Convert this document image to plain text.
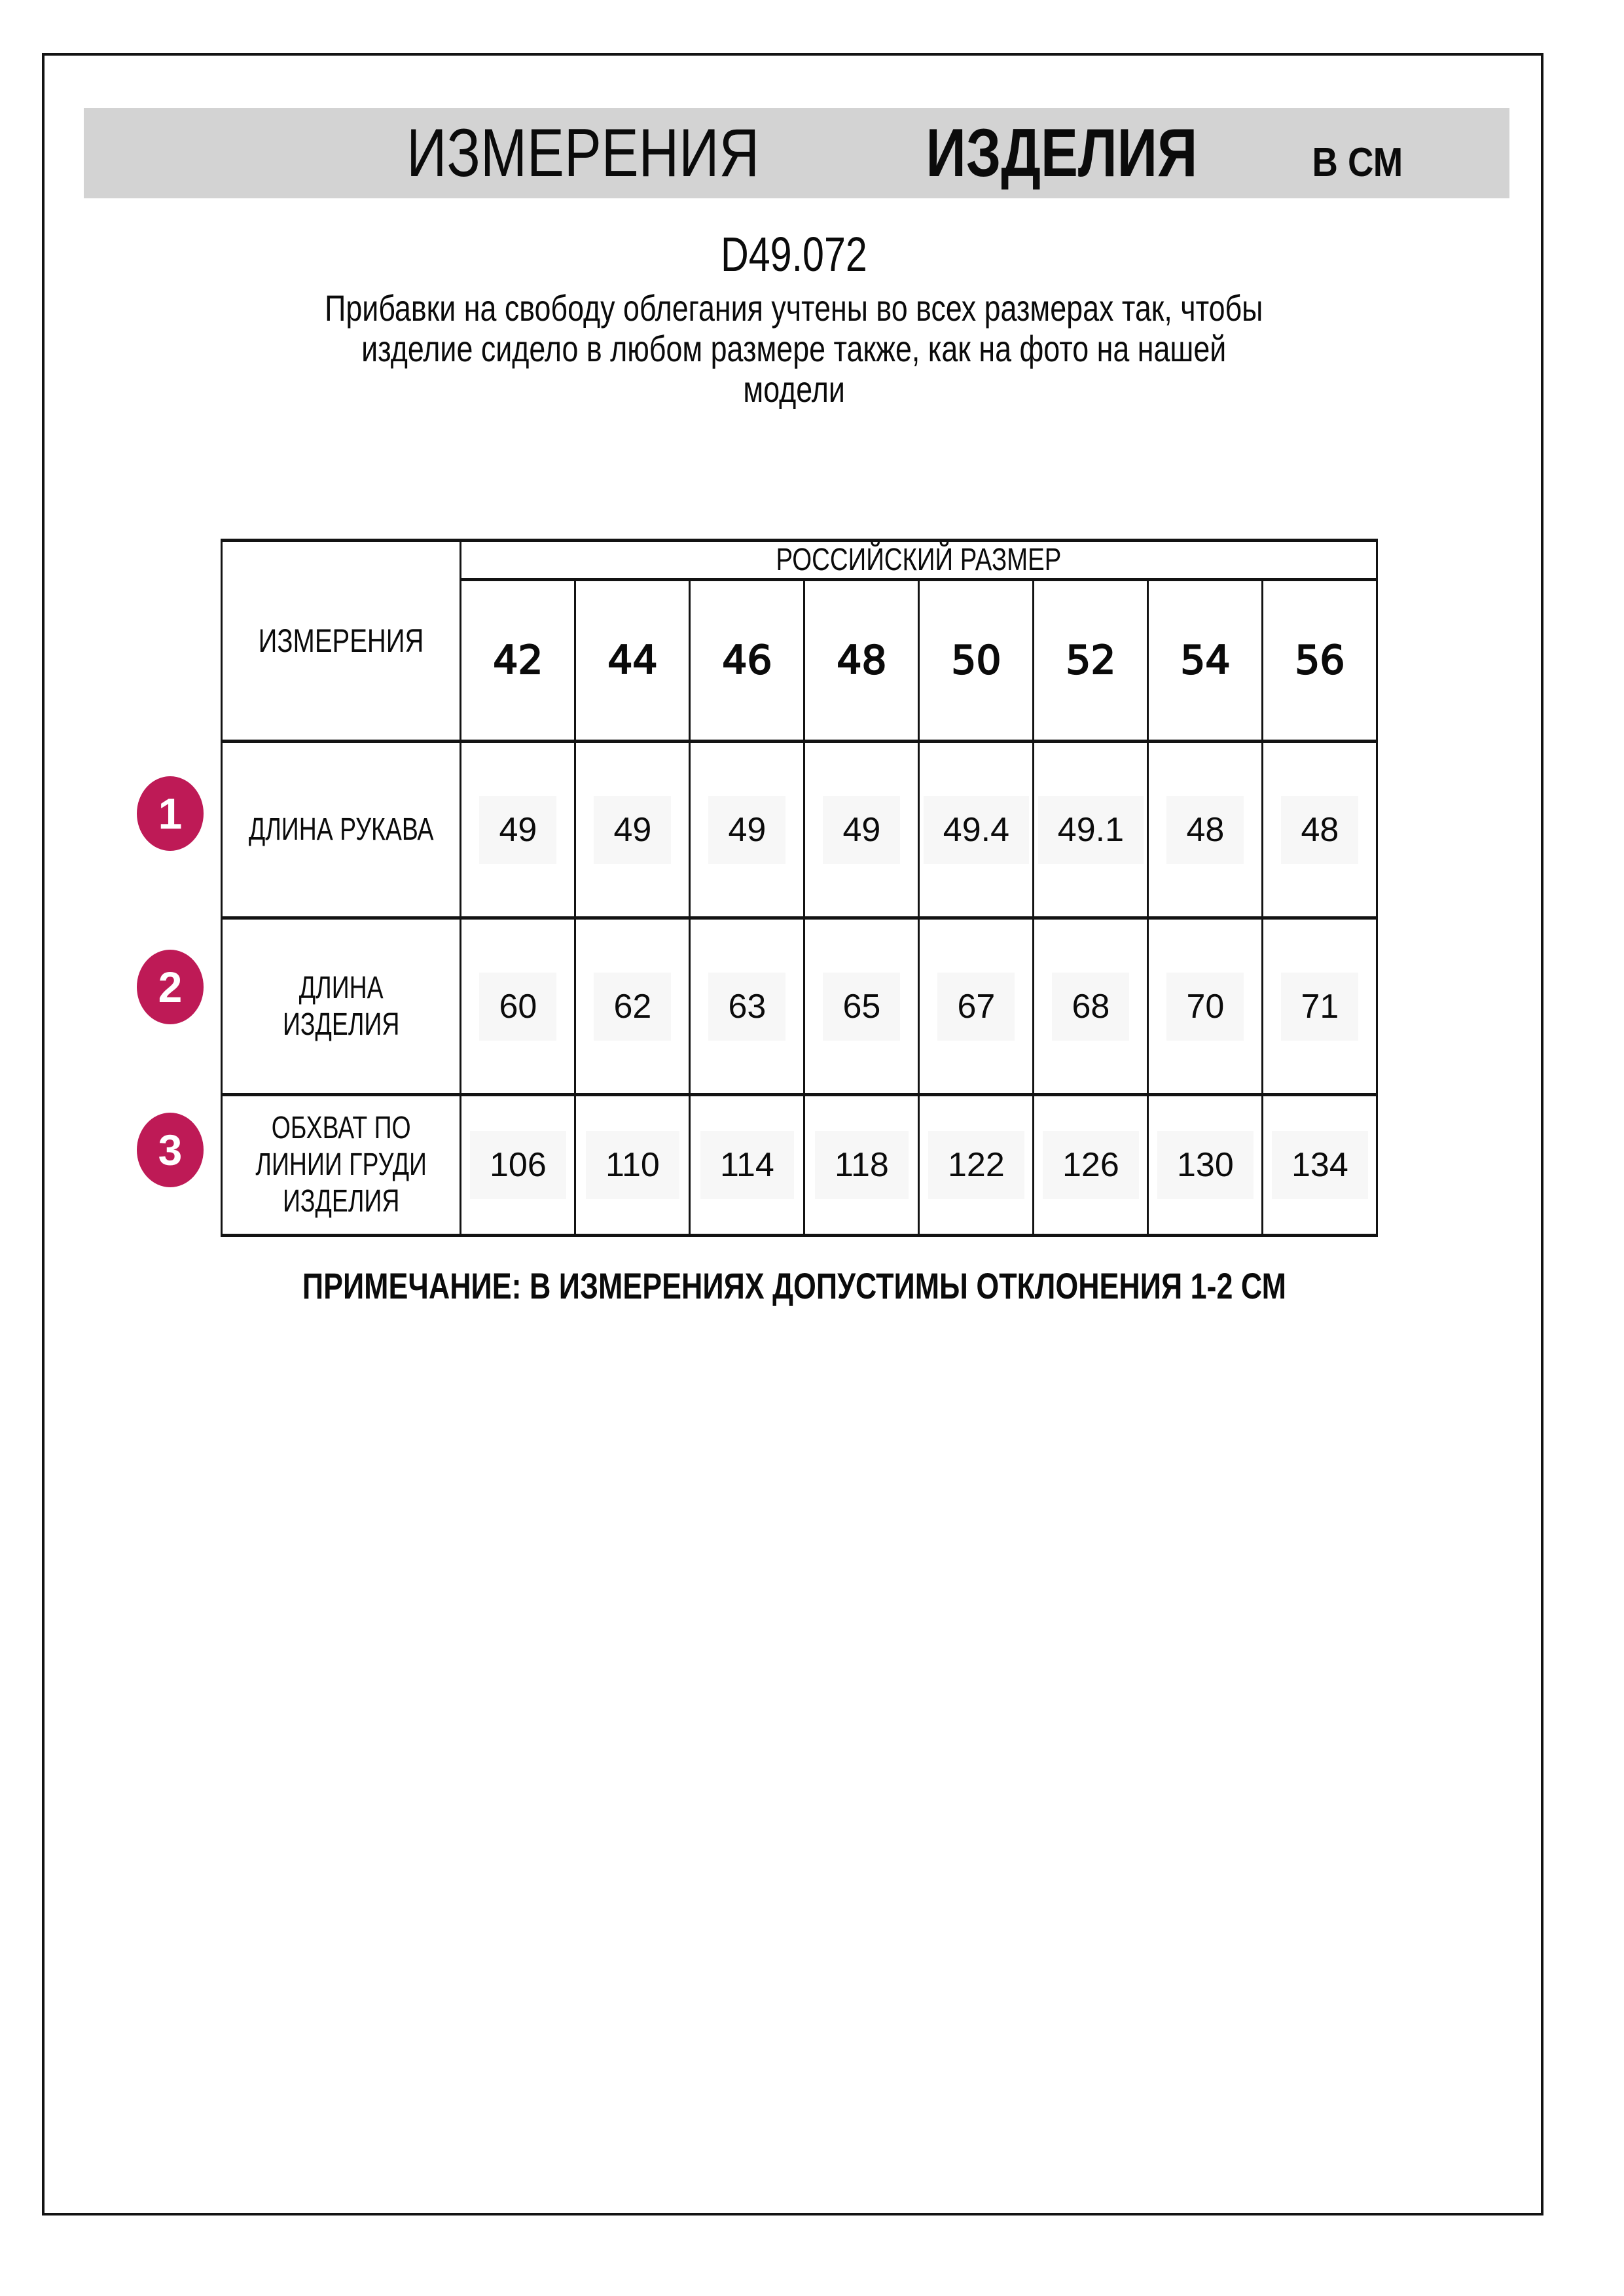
ИЗМЕРЕНИЯ ИЗДЕЛИЯ	В СМ
D49.072
Прибавки на свободу облегания учтены во всех размерах так, чтобы
изделие сидело в любом размере также, как на фото на нашей
модели
ИЗМЕРЕНИЯ	РОССИЙСКИЙ РАЗМЕР							
	42	44	46	48	50	52	54	56

ДЛИНА РУКАВА	49	49	49	49	49.4	49.1	48	48

ДЛИНА
ИЗДЕЛИЯ	60	62	63	65	67	68	70	71

ОБХВАТ ПО
ЛИНИИ ГРУДИ
ИЗДЕЛИЯ	106	110	114	118	122	126	130	134
1
2
3
ПРИМЕЧАНИЕ: В ИЗМЕРЕНИЯХ ДОПУСТИМЫ ОТКЛОНЕНИЯ 1-2 СМ
